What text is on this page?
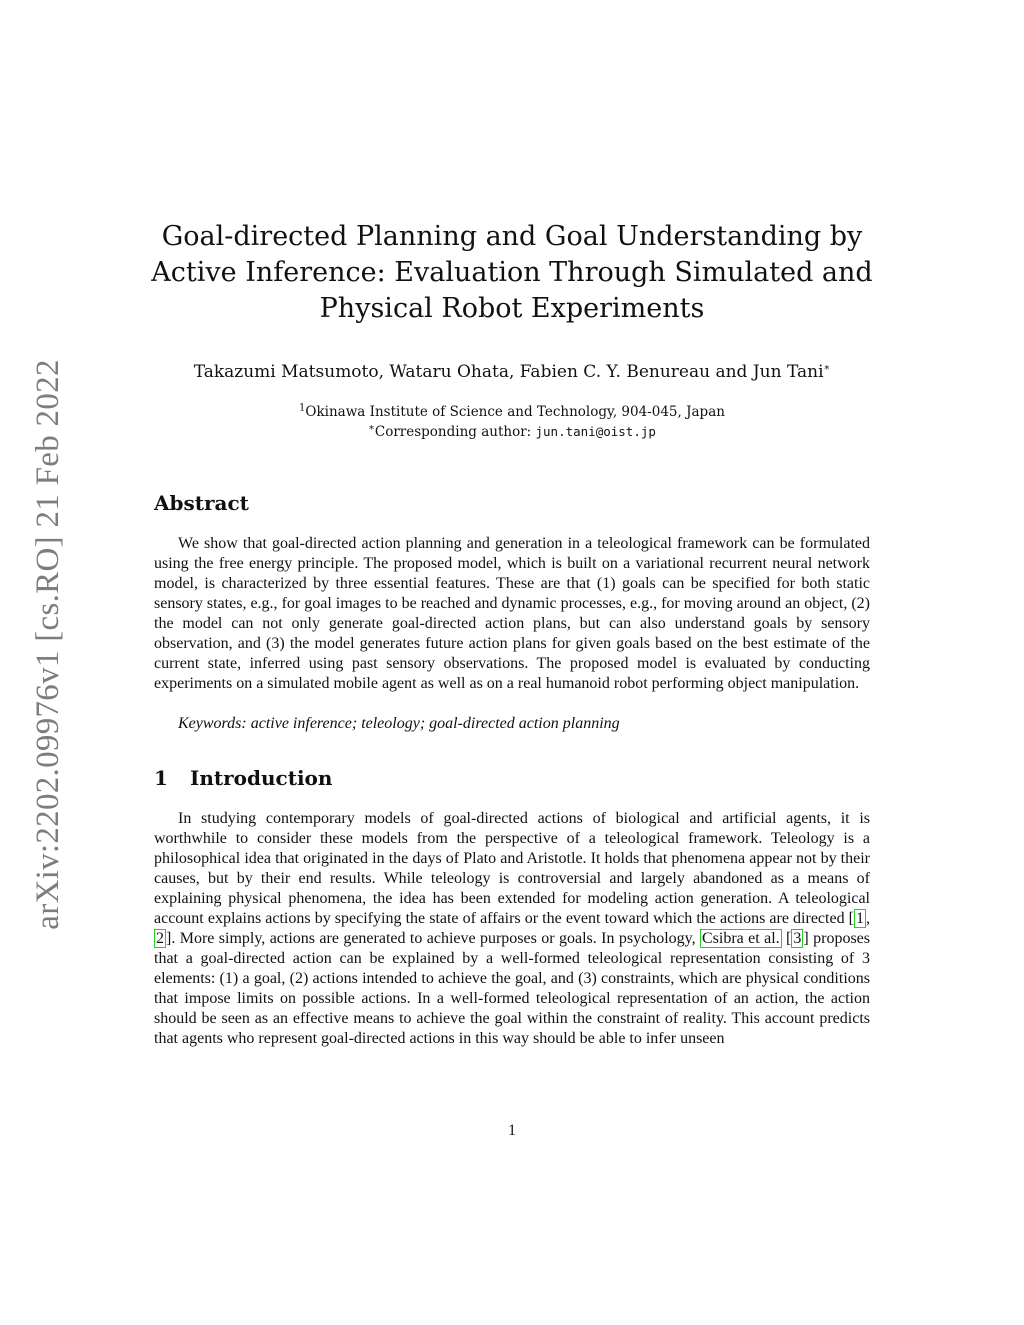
arXiv:2202.09976v1 [cs.RO] 21 Feb 2022
Goal-directed Planning and Goal Understanding by Active Inference: Evaluation Through Simulated and Physical Robot Experiments
Takazumi Matsumoto, Wataru Ohata, Fabien C. Y. Benureau and Jun Tani∗
$^1$Okinawa Institute of Science and Technology, 904-045, Japan
∗Corresponding author: jun.tani@oist.jp
Abstract

We show that goal-directed action planning and generation in a teleological framework can be formulated using the free energy principle. The proposed model, which is built on a variational recurrent neural network model, is characterized by three essential features. These are that (1) goals can be specified for both static sensory states, e.g., for goal images to be reached and dynamic processes, e.g., for moving around an object, (2) the model can not only generate goal-directed action plans, but can also understand goals by sensory observation, and (3) the model generates future action plans for given goals based on the best estimate of the current state, inferred using past sensory observations. The proposed model is evaluated by conducting experiments on a simulated mobile agent as well as on a real humanoid robot performing object manipulation.

Keywords: active inference; teleology; goal-directed action planning

1 Introduction

In studying contemporary models of goal-directed actions of biological and artificial agents, it is worthwhile to consider these models from the perspective of a teleological framework. Teleology is a philosophical idea that originated in the days of Plato and Aristotle. It holds that phenomena appear not by their causes, but by their end results. While teleology is controversial and largely abandoned as a means of explaining physical phenomena, the idea has been extended for modeling action generation. A teleological account explains actions by specifying the state of affairs or the event toward which the actions are directed [ 1 , 2 ]. More simply, actions are generated to achieve purposes or goals. In psychology, Csibra et al. [ 3 ] proposes that a goal-directed action can be explained by a well-formed teleological representation consisting of 3 elements: (1) a goal, (2) actions intended to achieve the goal, and (3) constraints, which are physical conditions that impose limits on possible actions. In a well-formed teleological representation of an action, the action should be seen as an effective means to achieve the goal within the constraint of reality. This account predicts that agents who represent goal-directed actions in this way should be able to infer unseen

1
